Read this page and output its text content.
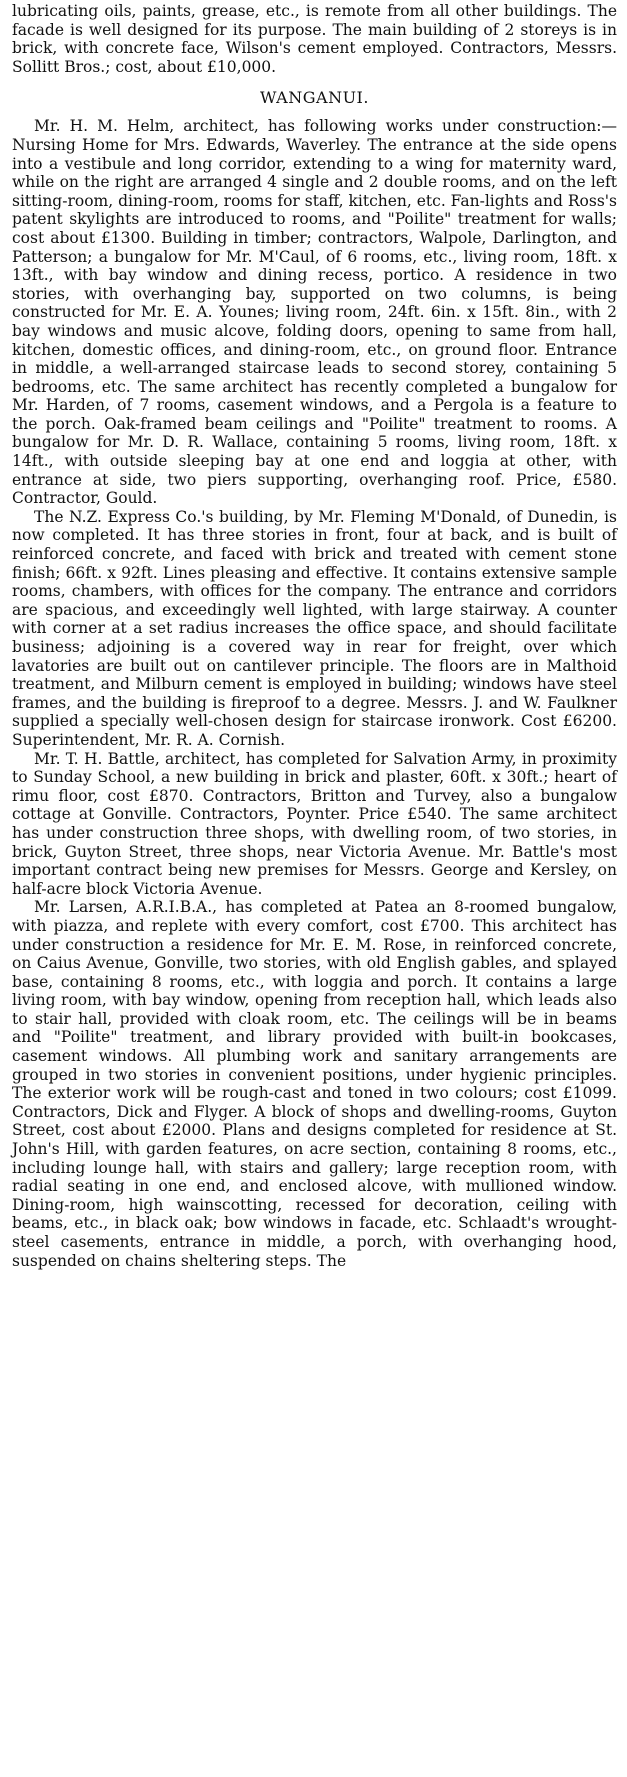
lubricating oils, paints, grease, etc., is remote from all other buildings. The facade is well designed for its purpose. The main building of 2 storeys is in brick, with concrete face, Wilson's cement employed. Contractors, Messrs. Sollitt Bros.; cost, about £10,000.

WANGANUI.

Mr. H. M. Helm, architect, has following works under construction:—Nursing Home for Mrs. Edwards, Waverley. The entrance at the side opens into a vestibule and long corridor, extending to a wing for maternity ward, while on the right are arranged 4 single and 2 double rooms, and on the left sitting-room, dining-room, rooms for staff, kitchen, etc. Fan-lights and Ross's patent skylights are introduced to rooms, and "Poilite" treatment for walls; cost about £1300. Building in timber; contractors, Walpole, Darlington, and Patterson; a bungalow for Mr. M'Caul, of 6 rooms, etc., living room, 18ft. x 13ft., with bay window and dining recess, portico. A residence in two stories, with overhanging bay, supported on two columns, is being constructed for Mr. E. A. Younes; living room, 24ft. 6in. x 15ft. 8in., with 2 bay windows and music alcove, folding doors, opening to same from hall, kitchen, domestic offices, and dining-room, etc., on ground floor. Entrance in middle, a well-arranged staircase leads to second storey, containing 5 bedrooms, etc. The same architect has recently completed a bungalow for Mr. Harden, of 7 rooms, casement windows, and a Pergola is a feature to the porch. Oak-framed beam ceilings and "Poilite" treatment to rooms. A bungalow for Mr. D. R. Wallace, containing 5 rooms, living room, 18ft. x 14ft., with outside sleeping bay at one end and loggia at other, with entrance at side, two piers supporting, overhanging roof. Price, £580. Contractor, Gould.

The N.Z. Express Co.'s building, by Mr. Fleming M'Donald, of Dunedin, is now completed. It has three stories in front, four at back, and is built of reinforced concrete, and faced with brick and treated with cement stone finish; 66ft. x 92ft. Lines pleasing and effective. It contains extensive sample rooms, chambers, with offices for the company. The entrance and corridors are spacious, and exceedingly well lighted, with large stairway. A counter with corner at a set radius increases the office space, and should facilitate business; adjoining is a covered way in rear for freight, over which lavatories are built out on cantilever principle. The floors are in Malthoid treatment, and Milburn cement is employed in building; windows have steel frames, and the building is fireproof to a degree. Messrs. J. and W. Faulkner supplied a specially well-chosen design for staircase ironwork. Cost £6200. Superintendent, Mr. R. A. Cornish.

Mr. T. H. Battle, architect, has completed for Salvation Army, in proximity to Sunday School, a new building in brick and plaster, 60ft. x 30ft.; heart of rimu floor, cost £870. Contractors, Britton and Turvey, also a bungalow cottage at Gonville. Contractors, Poynter. Price £540. The same architect has under construction three shops, with dwelling room, of two stories, in brick, Guyton Street, three shops, near Victoria Avenue. Mr. Battle's most important contract being new premises for Messrs. George and Kersley, on half-acre block Victoria Avenue.

Mr. Larsen, A.R.I.B.A., has completed at Patea an 8-roomed bungalow, with piazza, and replete with every comfort, cost £700. This architect has under construction a residence for Mr. E. M. Rose, in reinforced concrete, on Caius Avenue, Gonville, two stories, with old English gables, and splayed base, containing 8 rooms, etc., with loggia and porch. It contains a large living room, with bay window, opening from reception hall, which leads also to stair hall, provided with cloak room, etc. The ceilings will be in beams and "Poilite" treatment, and library provided with built-in bookcases, casement windows. All plumbing work and sanitary arrangements are grouped in two stories in convenient positions, under hygienic principles. The exterior work will be rough-cast and toned in two colours; cost £1099. Contractors, Dick and Flyger. A block of shops and dwelling-rooms, Guyton Street, cost about £2000. Plans and designs completed for residence at St. John's Hill, with garden features, on acre section, containing 8 rooms, etc., including lounge hall, with stairs and gallery; large reception room, with radial seating in one end, and enclosed alcove, with mullioned window. Dining-room, high wainscotting, recessed for decoration, ceiling with beams, etc., in black oak; bow windows in facade, etc. Schlaadt's wrought-steel casements, entrance in middle, a porch, with overhanging hood, suspended on chains sheltering steps. The
